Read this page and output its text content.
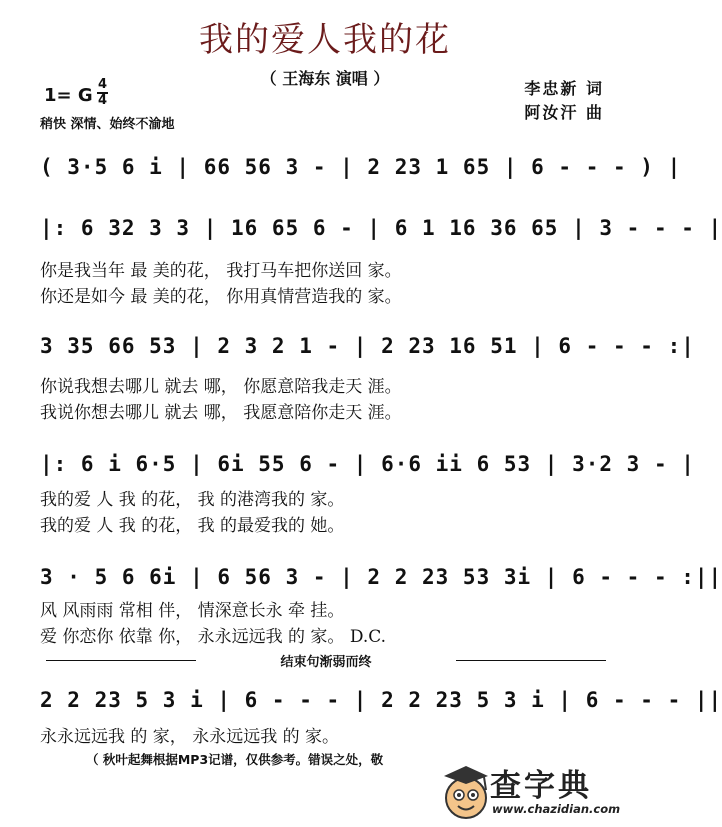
我的爱人我的花
（ 王海东 演唱 ）
李忠新 词
阿汝汗 曲
1= G
4
4
稍快 深情、始终不渝地
( 3·5 6 i | 66 56 3 - | 2 23 1 65 | 6 - - - ) |
|: 6 32 3 3 | 16 65 6 - | 6 1 16 36 65 | 3 - - - |
你是我当年 最 美的花， 我打马车把你送回 家。
你还是如今 最 美的花， 你用真情营造我的 家。
3 35 66 53 | 2 3 2 1 - | 2 23 16 51 | 6 - - - :|
你说我想去哪儿 就去 哪， 你愿意陪我走天 涯。
我说你想去哪儿 就去 哪， 我愿意陪你走天 涯。
|: 6 i 6·5 | 6i 55 6 - | 6·6 ii 6 53 | 3·2 3 - |
我的爱 人 我 的花， 我 的港湾我的 家。
我的爱 人 我 的花， 我 的最爱我的 她。
3 · 5 6 6i | 6 56 3 - | 2 2 23 53 3i | 6 - - - :||
风 风雨雨 常相 伴， 情深意长永 牵 挂。
爱 你恋你 依靠 你， 永永远远我 的 家。 D.C.
结束句渐弱而终
2 2 23 5 3 i | 6 - - - | 2 2 23 5 3 i | 6 - - - ||
永永远远我 的 家， 永永远远我 的 家。
（ 秋叶起舞根据MP3记谱，仅供参考。错误之处，敬
查字典
www.chazidian.com
